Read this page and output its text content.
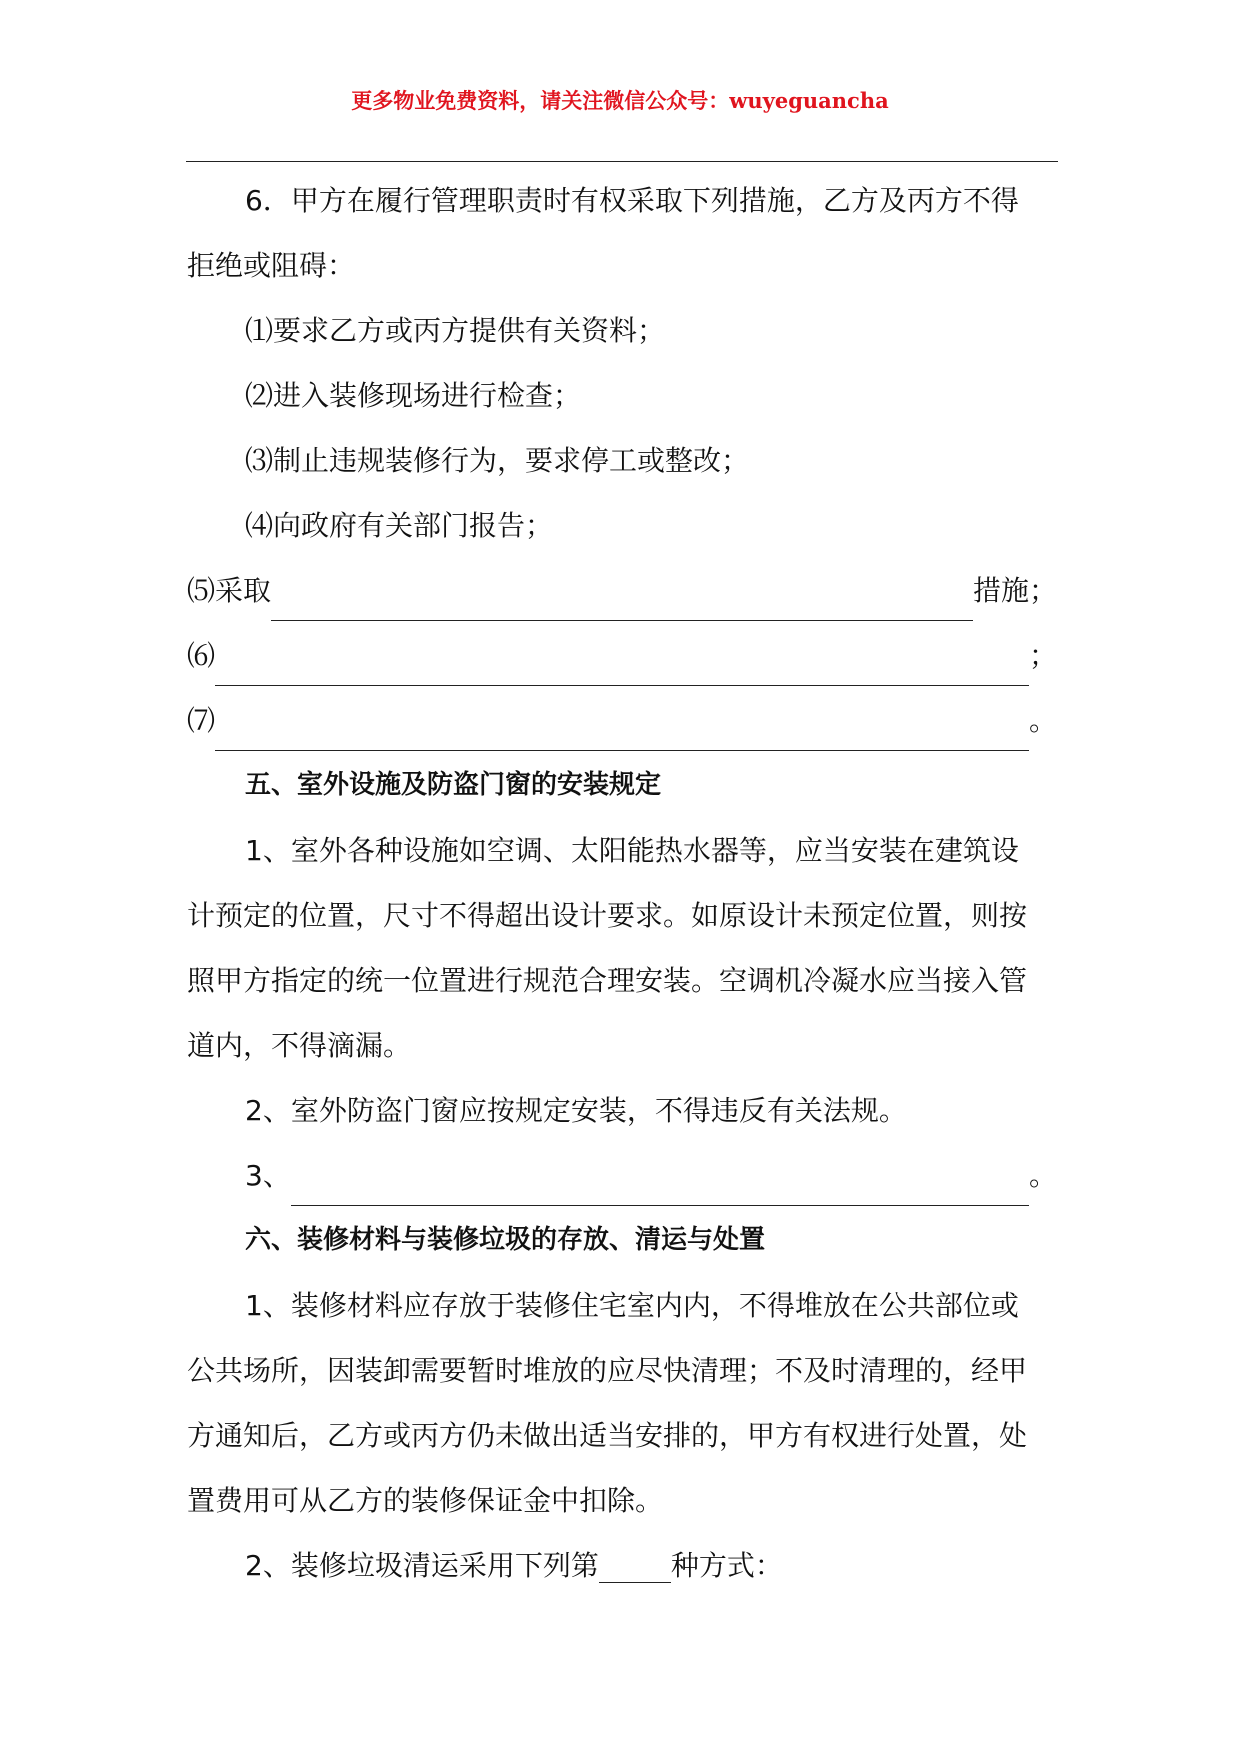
更多物业免费资料，请关注微信公众号：wuyeguancha

6．甲方在履行管理职责时有权采取下列措施，乙方及丙方不得

拒绝或阻碍：

⑴要求乙方或丙方提供有关资料；

⑵进入装修现场进行检查；

⑶制止违规装修行为，要求停工或整改；

⑷向政府有关部门报告；

⑸采取	措施；
⑹	；
⑺	。

五、室外设施及防盗门窗的安装规定

1、室外各种设施如空调、太阳能热水器等，应当安装在建筑设

计预定的位置，尺寸不得超出设计要求。如原设计未预定位置，则按

照甲方指定的统一位置进行规范合理安装。空调机冷凝水应当接入管

道内，不得滴漏。

2、室外防盗门窗应按规定安装，不得违反有关法规。

3、	。

六、装修材料与装修垃圾的存放、清运与处置

1、装修材料应存放于装修住宅室内内，不得堆放在公共部位或

公共场所，因装卸需要暂时堆放的应尽快清理；不及时清理的，经甲

方通知后，乙方或丙方仍未做出适当安排的，甲方有权进行处置，处

置费用可从乙方的装修保证金中扣除。

2、装修垃圾清运采用下列第	种方式：
